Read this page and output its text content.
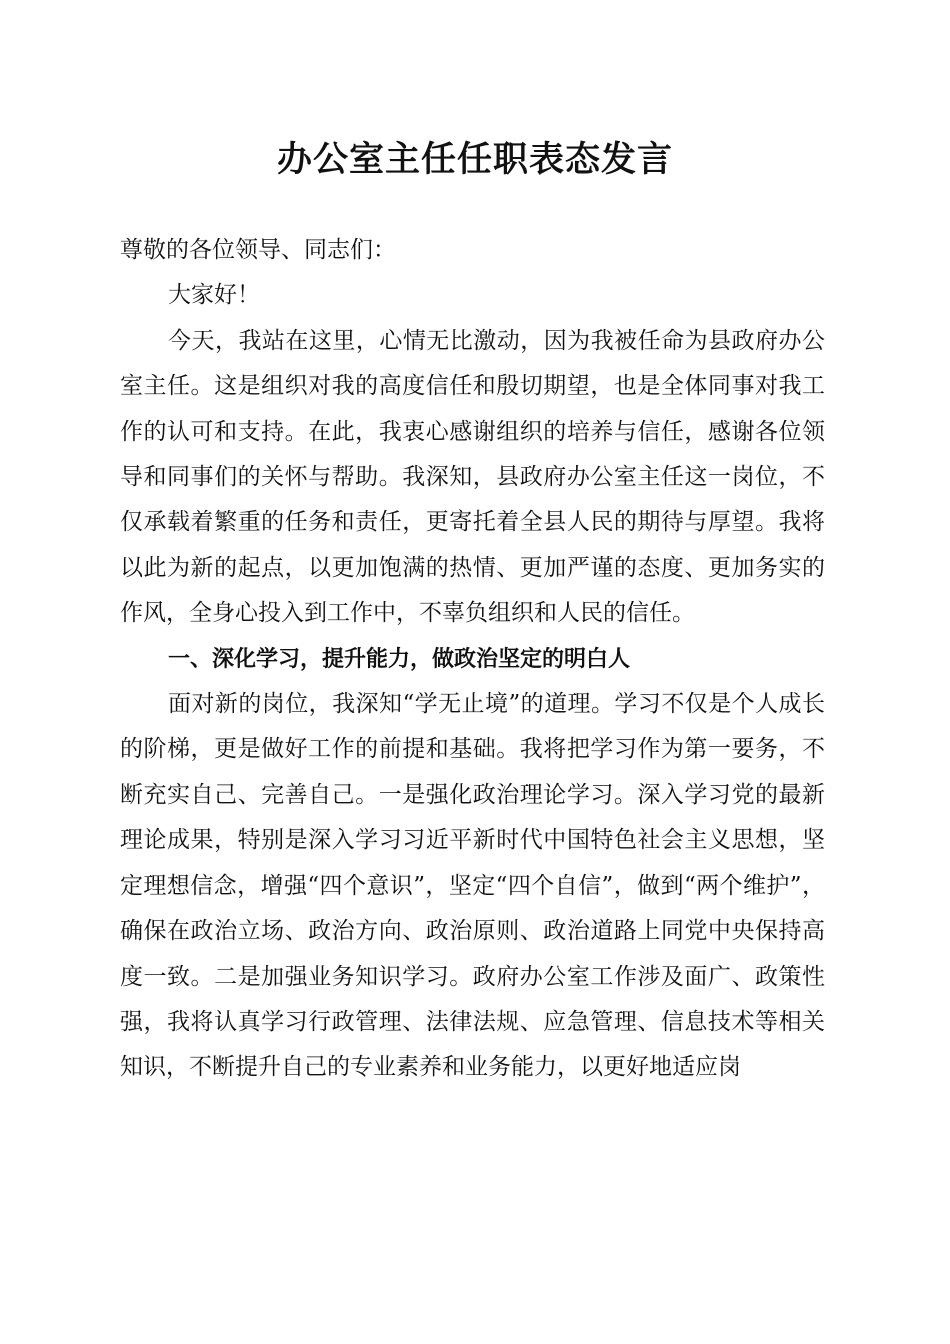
办公室主任任职表态发言

尊敬的各位领导、同志们：

大家好！

今天，我站在这里，心情无比激动，因为我被任命为县政府办公室主任。这是组织对我的高度信任和殷切期望，也是全体同事对我工作的认可和支持。在此，我衷心感谢组织的培养与信任，感谢各位领导和同事们的关怀与帮助。我深知，县政府办公室主任这一岗位，不仅承载着繁重的任务和责任，更寄托着全县人民的期待与厚望。我将以此为新的起点，以更加饱满的热情、更加严谨的态度、更加务实的作风，全身心投入到工作中，不辜负组织和人民的信任。

一、深化学习，提升能力，做政治坚定的明白人

面对新的岗位，我深知“学无止境”的道理。学习不仅是个人成长的阶梯，更是做好工作的前提和基础。我将把学习作为第一要务，不断充实自己、完善自己。一是强化政治理论学习。深入学习党的最新理论成果，特别是深入学习习近平新时代中国特色社会主义思想，坚定理想信念，增强“四个意识”，坚定“四个自信”，做到“两个维护”，确保在政治立场、政治方向、政治原则、政治道路上同党中央保持高度一致。二是加强业务知识学习。政府办公室工作涉及面广、政策性强，我将认真学习行政管理、法律法规、应急管理、信息技术等相关知识，不断提升自己的专业素养和业务能力，以更好地适应岗
